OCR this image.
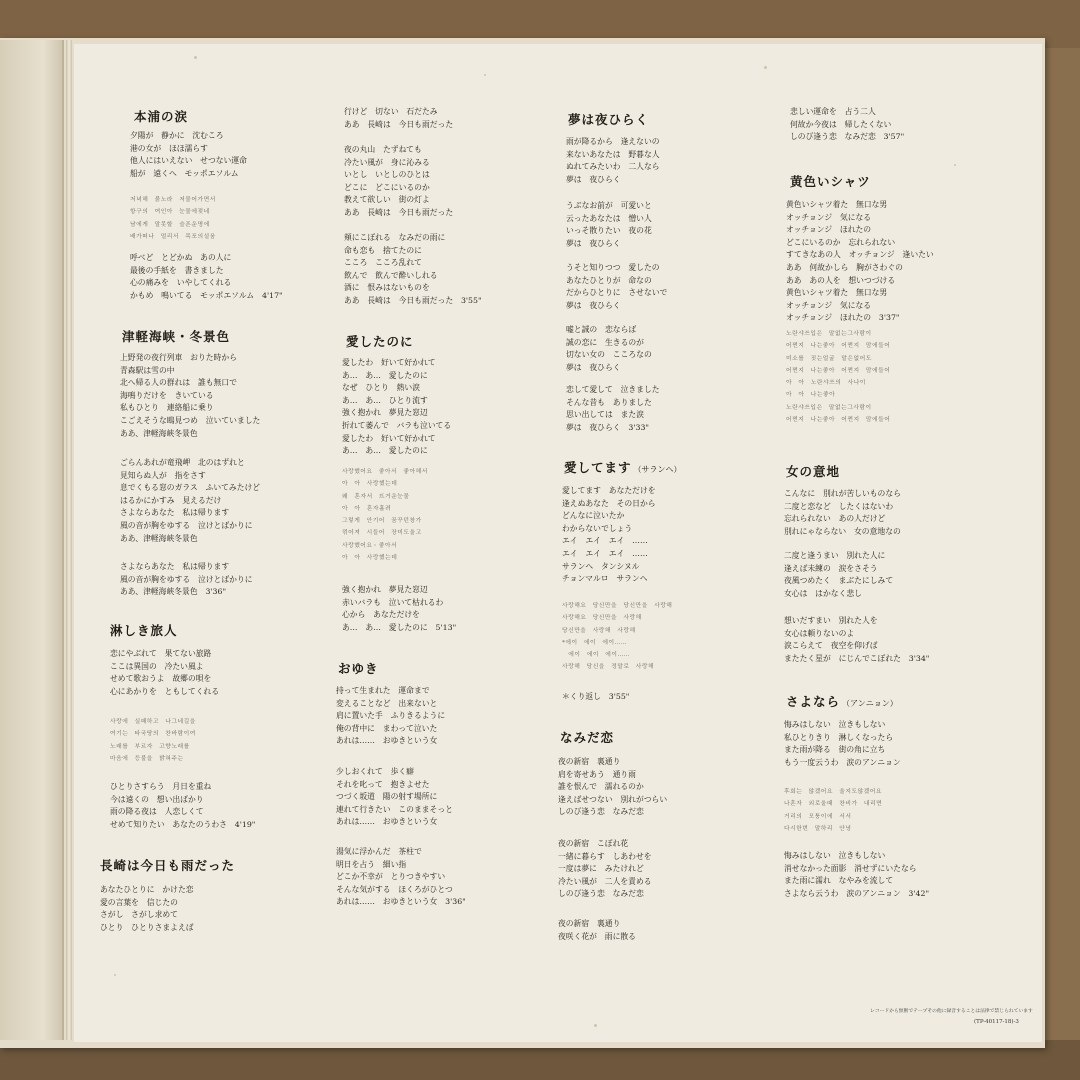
本浦の涙
夕陽が　静かに　沈むころ
港の女が　ほほ濡らす
他人にはいえない　せつない運命
船が　遠くへ　モッポエソルム
저녁해　붉노라　저물어가면서
항구의　여인아　눈물에젖네
남에게　말못할　슬픈운명에
배가떠나　멀리서　목포의설움
呼べど　とどかぬ　あの人に
最後の手紙を　書きました
心の痛みを　いやしてくれる
かもめ　鳴いてる　モッポエソルム　4'17"
津軽海峡・冬景色
上野発の夜行列車　おりた時から
青森駅は雪の中
北へ帰る人の群れは　誰も無口で
海鳴りだけを　きいている
私もひとり　連絡船に乗り
こごえそうな鴎見つめ　泣いていました
ああ、津軽海峡冬景色
ごらんあれが竜飛岬　北のはずれと
見知らぬ人が　指をさす
息でくもる窓のガラス　ふいてみたけど
はるかにかすみ　見えるだけ
さよならあなた　私は帰ります
風の音が胸をゆする　泣けとばかりに
ああ、津軽海峡冬景色
さよならあなた　私は帰ります
風の音が胸をゆする　泣けとばかりに
ああ、津軽海峡冬景色　3'36"
淋しき旅人
恋にやぶれて　果てない旅路
ここは異国の　冷たい風よ
せめて歌おうよ　故郷の唄を
心にあかりを　ともしてくれる
사랑에　실패하고　나그네길을
여기는　타국땅의　찬바람이여
노래를　부르자　고향노래를
마음에　등불을　밝혀주는
ひとりさすらう　月日を重ね
今は遠くの　想い出ばかり
雨の降る夜は　人恋しくて
せめて知りたい　あなたのうわさ　4'19"
長崎は今日も雨だった
あなたひとりに　かけた恋
愛の言葉を　信じたの
さがし　さがし求めて
ひとり　ひとりさまよえば
行けど　切ない　石だたみ
ああ　長崎は　今日も雨だった
夜の丸山　たずねても
冷たい風が　身に沁みる
いとし　いとしのひとは
どこに　どこにいるのか
教えて欲しい　街の灯よ
ああ　長崎は　今日も雨だった
頬にこぼれる　なみだの雨に
命も恋も　捨てたのに
こころ　こころ乱れて
飲んで　飲んで酔いしれる
酒に　恨みはないものを
ああ　長崎は　今日も雨だった　3'55"
愛したのに
愛したわ　好いて好かれて
あ…　あ…　愛したのに
なぜ　ひとり　熱い涙
あ…　あ…　ひとり流す
強く抱かれ　夢見た窓辺
折れて萎んで　バラも泣いてる
愛したわ　好いて好かれて
あ…　あ…　愛したのに
사랑했어요　좋아서　좋아해서
아　아　사랑했는데
왜　혼자서　뜨거운눈물
아　아　혼자흘려
그렇게　안기어　꿈꾸던창가
꺾어져　시들어　장미도울고
사랑했어요　좋아서
아　아　사랑했는데
強く抱かれ　夢見た窓辺
赤いバラも　泣いて枯れるわ
心から　あなただけを
あ…　あ…　愛したのに　5'13"
おゆき
持って生まれた　運命まで
変えることなど　出来ないと
肩に置いた手　ふりきるように
俺の背中に　まわって泣いた
あれは……　おゆきという女
少しおくれて　歩く癖
それを叱って　抱きよせた
つづく坂道　陽の射す場所に
連れて行きたい　このままそっと
あれは……　おゆきという女
湯気に浮かんだ　茶柱で
明日を占う　細い指
どこか不幸が　とりつきやすい
そんな気がする　ほくろがひとつ
あれは……　おゆきという女　3'36"
夢は夜ひらく
雨が降るから　逢えないの
来ないあなたは　野暮な人
ぬれてみたいわ　二人なら
夢は　夜ひらく
うぶなお前が　可愛いと
云ったあなたは　憎い人
いっそ散りたい　夜の花
夢は　夜ひらく
うそと知りつつ　愛したの
あなたひとりが　命なの
だからひとりに　させないで
夢は　夜ひらく
嘘と誠の　恋ならば
誠の恋に　生きるのが
切ない女の　こころなの
夢は　夜ひらく
恋して愛して　泣きました
そんな昔も　ありました
思い出しては　また涙
夢は　夜ひらく　3'33"
愛してます （サランヘ）
愛してます　あなただけを
逢えぬあなた　その日から
どんなに泣いたか
わからないでしょう
エイ　エイ　エイ　……
エイ　エイ　エイ　……
サランヘ　タンシヌル
チョンマルロ　サランヘ
사랑해요　당신만을　당신만을　사랑해
사랑해요　당신만을　사랑해
당신만을　사랑해　사랑해
*에이　에이　에이……
　에이　에이　에이……
사랑해　당신을　정말로　사랑해
＊くり返し　3'55"
なみだ恋
夜の新宿　裏通り
肩を寄せあう　通り雨
誰を恨んで　濡れるのか
逢えばせつない　別れがつらい
しのび逢う恋　なみだ恋
夜の新宿　こぼれ花
一緒に暮らす　しあわせを
一度は夢に　みたけれど
冷たい風が　二人を責める
しのび逢う恋　なみだ恋
夜の新宿　裏通り
夜咲く花が　雨に散る
悲しい運命を　占う二人
何故か今夜は　帰したくない
しのび逢う恋　なみだ恋　3'57"
黄色いシャツ
黄色いシャツ着た　無口な男
オッチョンジ　気になる
オッチョンジ　ほれたの
どこにいるのか　忘れられない
すてきなあの人　オッチョンジ　逢いたい
ああ　何故かしら　胸がさわぐの
ああ　あの人を　想いつづける
黄色いシャツ着た　無口な男
オッチョンジ　気になる
オッチョンジ　ほれたの　3'37"
노란샤쓰입은　말없는그사람이
어쩐지　나는좋아　어쩐지　맘에들어
미소를　짓는얼굴　말은없어도
어쩐지　나는좋아　어쩐지　맘에들어
아　아　노란샤쓰의　사나이
아　아　나는좋아
노란샤쓰입은　말없는그사람이
어쩐지　나는좋아　어쩐지　맘에들어
女の意地
こんなに　別れが苦しいものなら
二度と恋など　したくはないわ
忘れられない　あの人だけど
別れにゃならない　女の意地なの
二度と逢うまい　別れた人に
逢えば未練の　涙をさそう
夜風つめたく　まぶたにしみて
女心は　はかなく悲し
想いだすまい　別れた人を
女心は頼りないのよ
涙こらえて　夜空を仰げば
またたく星が　にじんでこぼれた　3'34"
さよなら （アンニョン）
悔みはしない　泣きもしない
私ひとりきり　淋しくなったら
また雨が降る　街の角に立ち
もう一度云うわ　涙のアンニョン
후회는　않겠어요　울지도않겠어요
나혼자　외로울때　찬비가　내리면
거리의　모퉁이에　서서
다시한번　말하리　안녕
悔みはしない　泣きもしない
消せなかった面影　消せずにいたなら
また雨に濡れ　なやみを流して
さよなら云うわ　涙のアンニョン　3'42"
レコードから無断でテープその他に録音することは法律で禁じられています
(TP-40117-18)-3
